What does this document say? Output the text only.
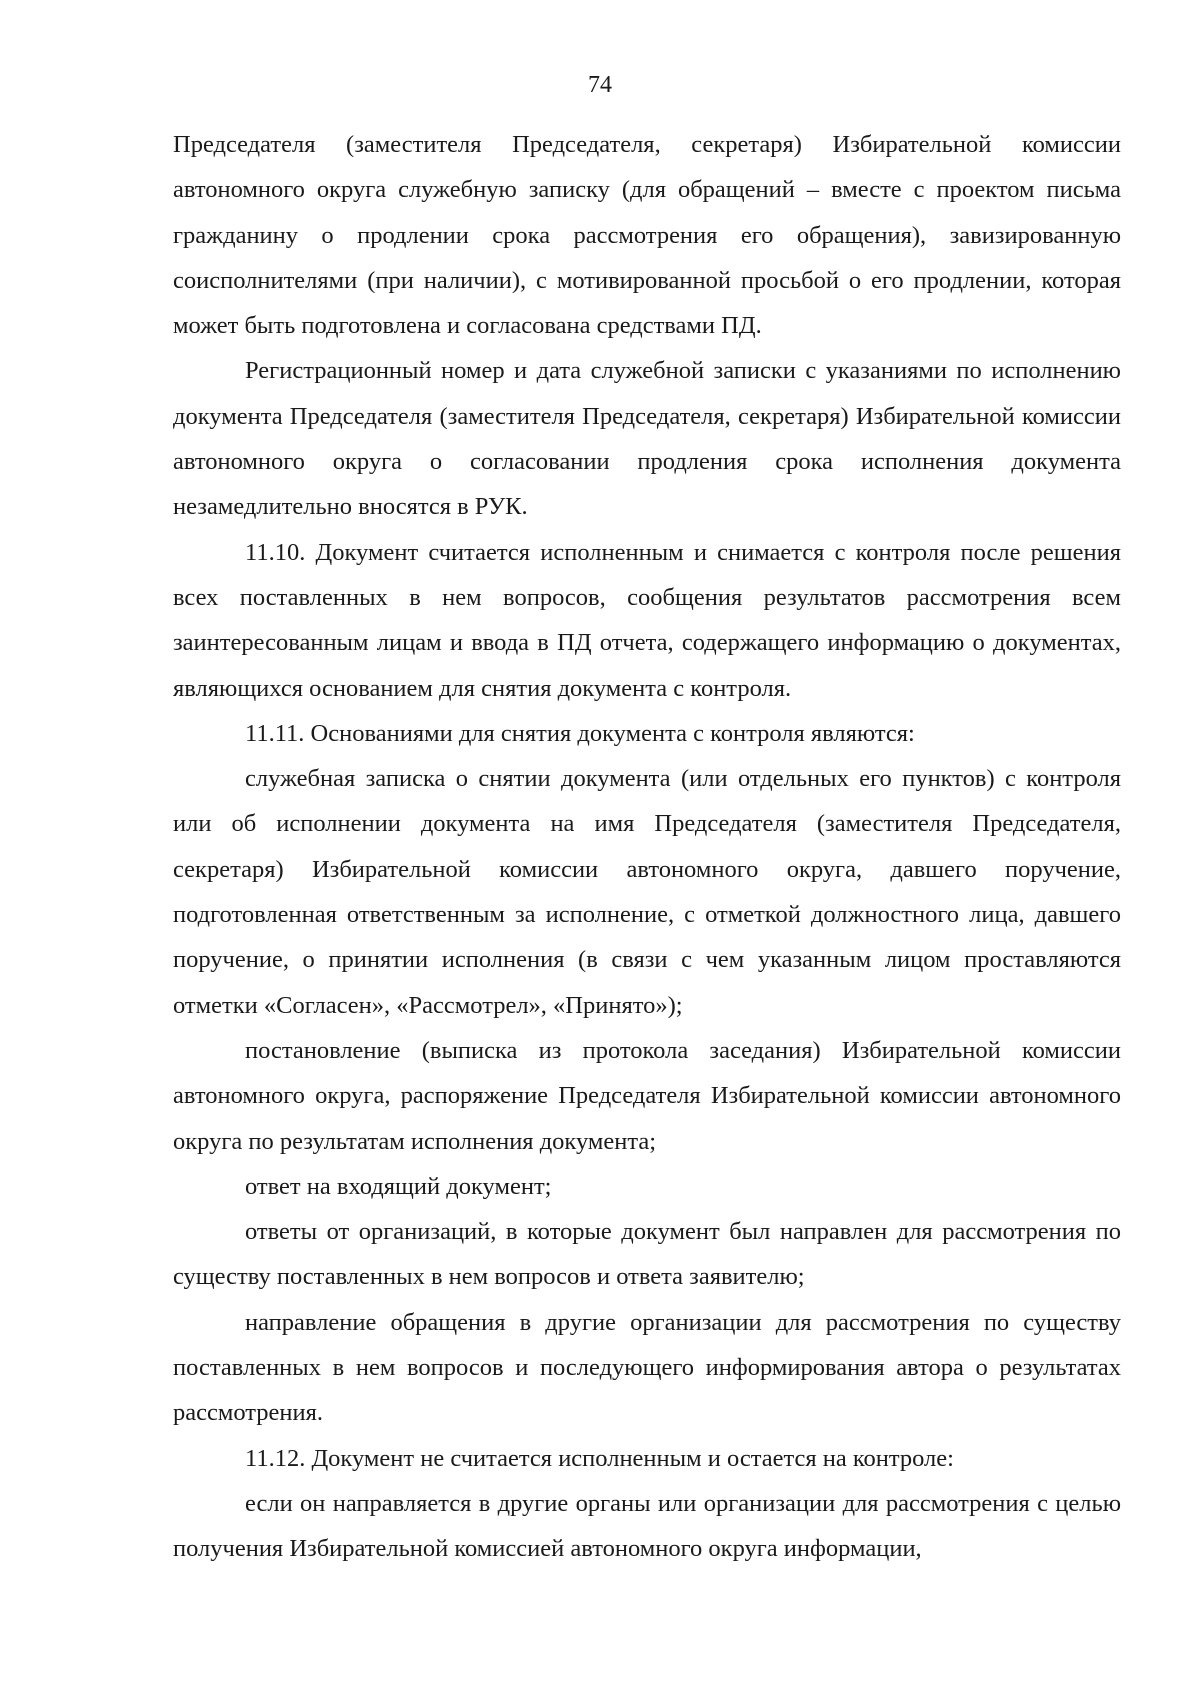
74

Председателя (заместителя Председателя, секретаря) Избирательной комиссии автономного округа служебную записку (для обращений – вместе с проектом письма гражданину о продлении срока рассмотрения его обращения), завизированную соисполнителями (при наличии), с мотивированной просьбой о его продлении, которая может быть подготовлена и согласована средствами ПД.

Регистрационный номер и дата служебной записки с указаниями по исполнению документа Председателя (заместителя Председателя, секретаря) Избирательной комиссии автономного округа о согласовании продления срока исполнения документа незамедлительно вносятся в РУК.

11.10. Документ считается исполненным и снимается с контроля после решения всех поставленных в нем вопросов, сообщения результатов рассмотрения всем заинтересованным лицам и ввода в ПД отчета, содержащего информацию о документах, являющихся основанием для снятия документа с контроля.

11.11. Основаниями для снятия документа с контроля являются:

служебная записка о снятии документа (или отдельных его пунктов) с контроля или об исполнении документа на имя Председателя (заместителя Председателя, секретаря) Избирательной комиссии автономного округа, давшего поручение, подготовленная ответственным за исполнение, с отметкой должностного лица, давшего поручение, о принятии исполнения (в связи с чем указанным лицом проставляются отметки «Согласен», «Рассмотрел», «Принято»);

постановление (выписка из протокола заседания) Избирательной комиссии автономного округа, распоряжение Председателя Избирательной комиссии автономного округа по результатам исполнения документа;

ответ на входящий документ;

ответы от организаций, в которые документ был направлен для рассмотрения по существу поставленных в нем вопросов и ответа заявителю;

направление обращения в другие организации для рассмотрения по существу поставленных в нем вопросов и последующего информирования автора о результатах рассмотрения.

11.12. Документ не считается исполненным и остается на контроле:

если он направляется в другие органы или организации для рассмотрения с целью получения Избирательной комиссией автономного округа информации,
